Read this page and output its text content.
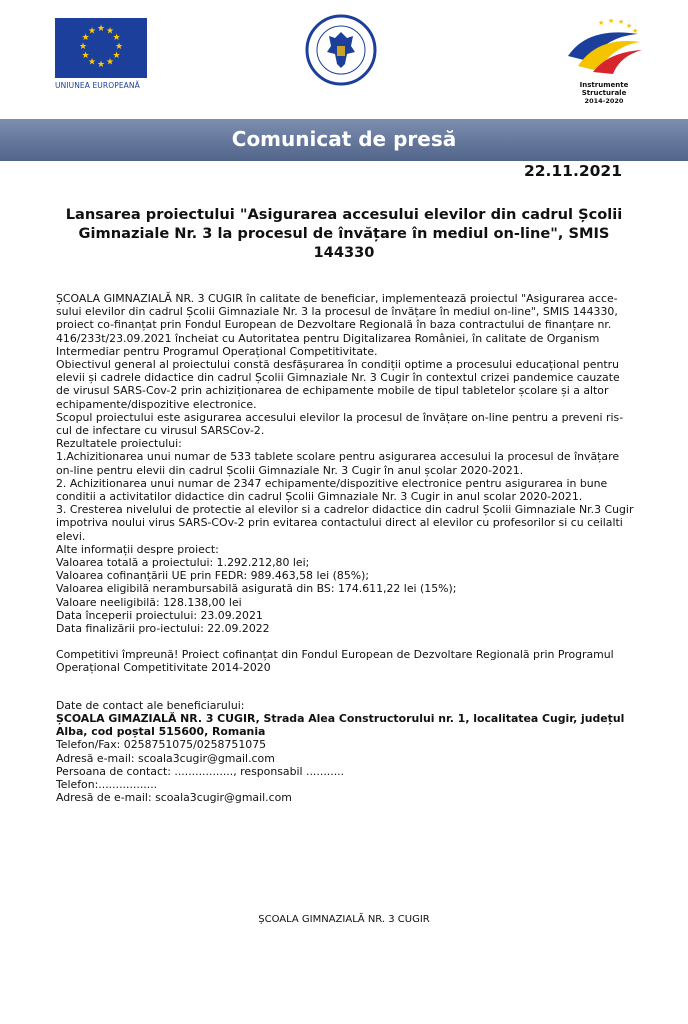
★ ★
★
★
★
★
★
★
★
★
★
★
UNIUNEA EUROPEANĂ
★ ★ ★ ★
★
Instrumente Structurale
2014-2020
Comunicat de presă
22.11.2021
Lansarea proiectului "Asigurarea accesului elevilor din cadrul Școlii Gimnaziale Nr. 3 la procesul de învățare în mediul on-line", SMIS 144330

ȘCOALA GIMNAZIALĂ NR. 3 CUGIR în calitate de beneficiar, implementează proiectul "Asigurarea acce-sului elevilor din cadrul Școlii Gimnaziale Nr. 3 la procesul de învățare în mediul on-line", SMIS 144330, proiect co-finanțat prin Fondul European de Dezvoltare Regională în baza contractului de finanțare nr. 416/233t/23.09.2021 încheiat cu Autoritatea pentru Digitalizarea României, în calitate de Organism Intermediar pentru Programul Operațional Competitivitate.

Obiectivul general al proiectului constă desfășurarea în condiții optime a procesului educațional pentru elevii și cadrele didactice din cadrul Școlii Gimnaziale Nr. 3 Cugir în contextul crizei pandemice cauzate de virusul SARS-Cov-2 prin achiziționarea de echipamente mobile de tipul tabletelor școlare și a altor echipamente/dispozitive electronice.

Scopul proiectului este asigurarea accesului elevilor la procesul de învățare on-line pentru a preveni ris-cul de infectare cu virusul SARSCov-2.

Rezultatele proiectului:

1.Achizitionarea unui numar de 533 tablete scolare pentru asigurarea accesului la procesul de învățare on-line pentru elevii din cadrul Școlii Gimnaziale Nr. 3 Cugir în anul școlar 2020-2021.

2. Achizitionarea unui numar de 2347 echipamente/dispozitive electronice pentru asigurarea in bune conditii a activitatilor didactice din cadrul Școlii Gimnaziale Nr. 3 Cugir in anul scolar 2020-2021.

3. Cresterea nivelului de protectie al elevilor si a cadrelor didactice din cadrul Școlii Gimnaziale Nr.3 Cugir impotriva noului virus SARS-COv-2 prin evitarea contactului direct al elevilor cu profesorilor si cu ceilalti elevi.

Alte informații despre proiect:

Valoarea totală a proiectului: 1.292.212,80 lei;

Valoarea cofinanțării UE prin FEDR: 989.463,58 lei (85%);

Valoarea eligibilă nerambursabilă asigurată din BS: 174.611,22 lei (15%);

Valoare neeligibilă: 128.138,00 lei

Data începerii proiectului: 23.09.2021

Data finalizării pro-iectului: 22.09.2022

Competitivi împreună! Proiect cofinanțat din Fondul European de Dezvoltare Regională prin Programul Operațional Competitivitate 2014-2020

Date de contact ale beneficiarului:

ȘCOALA GIMAZIALĂ NR. 3 CUGIR, Strada Alea Constructorului nr. 1, localitatea Cugir, județul Alba, cod poștal 515600, Romania

Telefon/Fax: 0258751075/0258751075

Adresă e-mail: scoala3cugir@gmail.com

Persoana de contact: ................., responsabil ...........

Telefon:.................

Adresă de e-mail: scoala3cugir@gmail.com

ȘCOALA GIMNAZIALĂ NR. 3 CUGIR
